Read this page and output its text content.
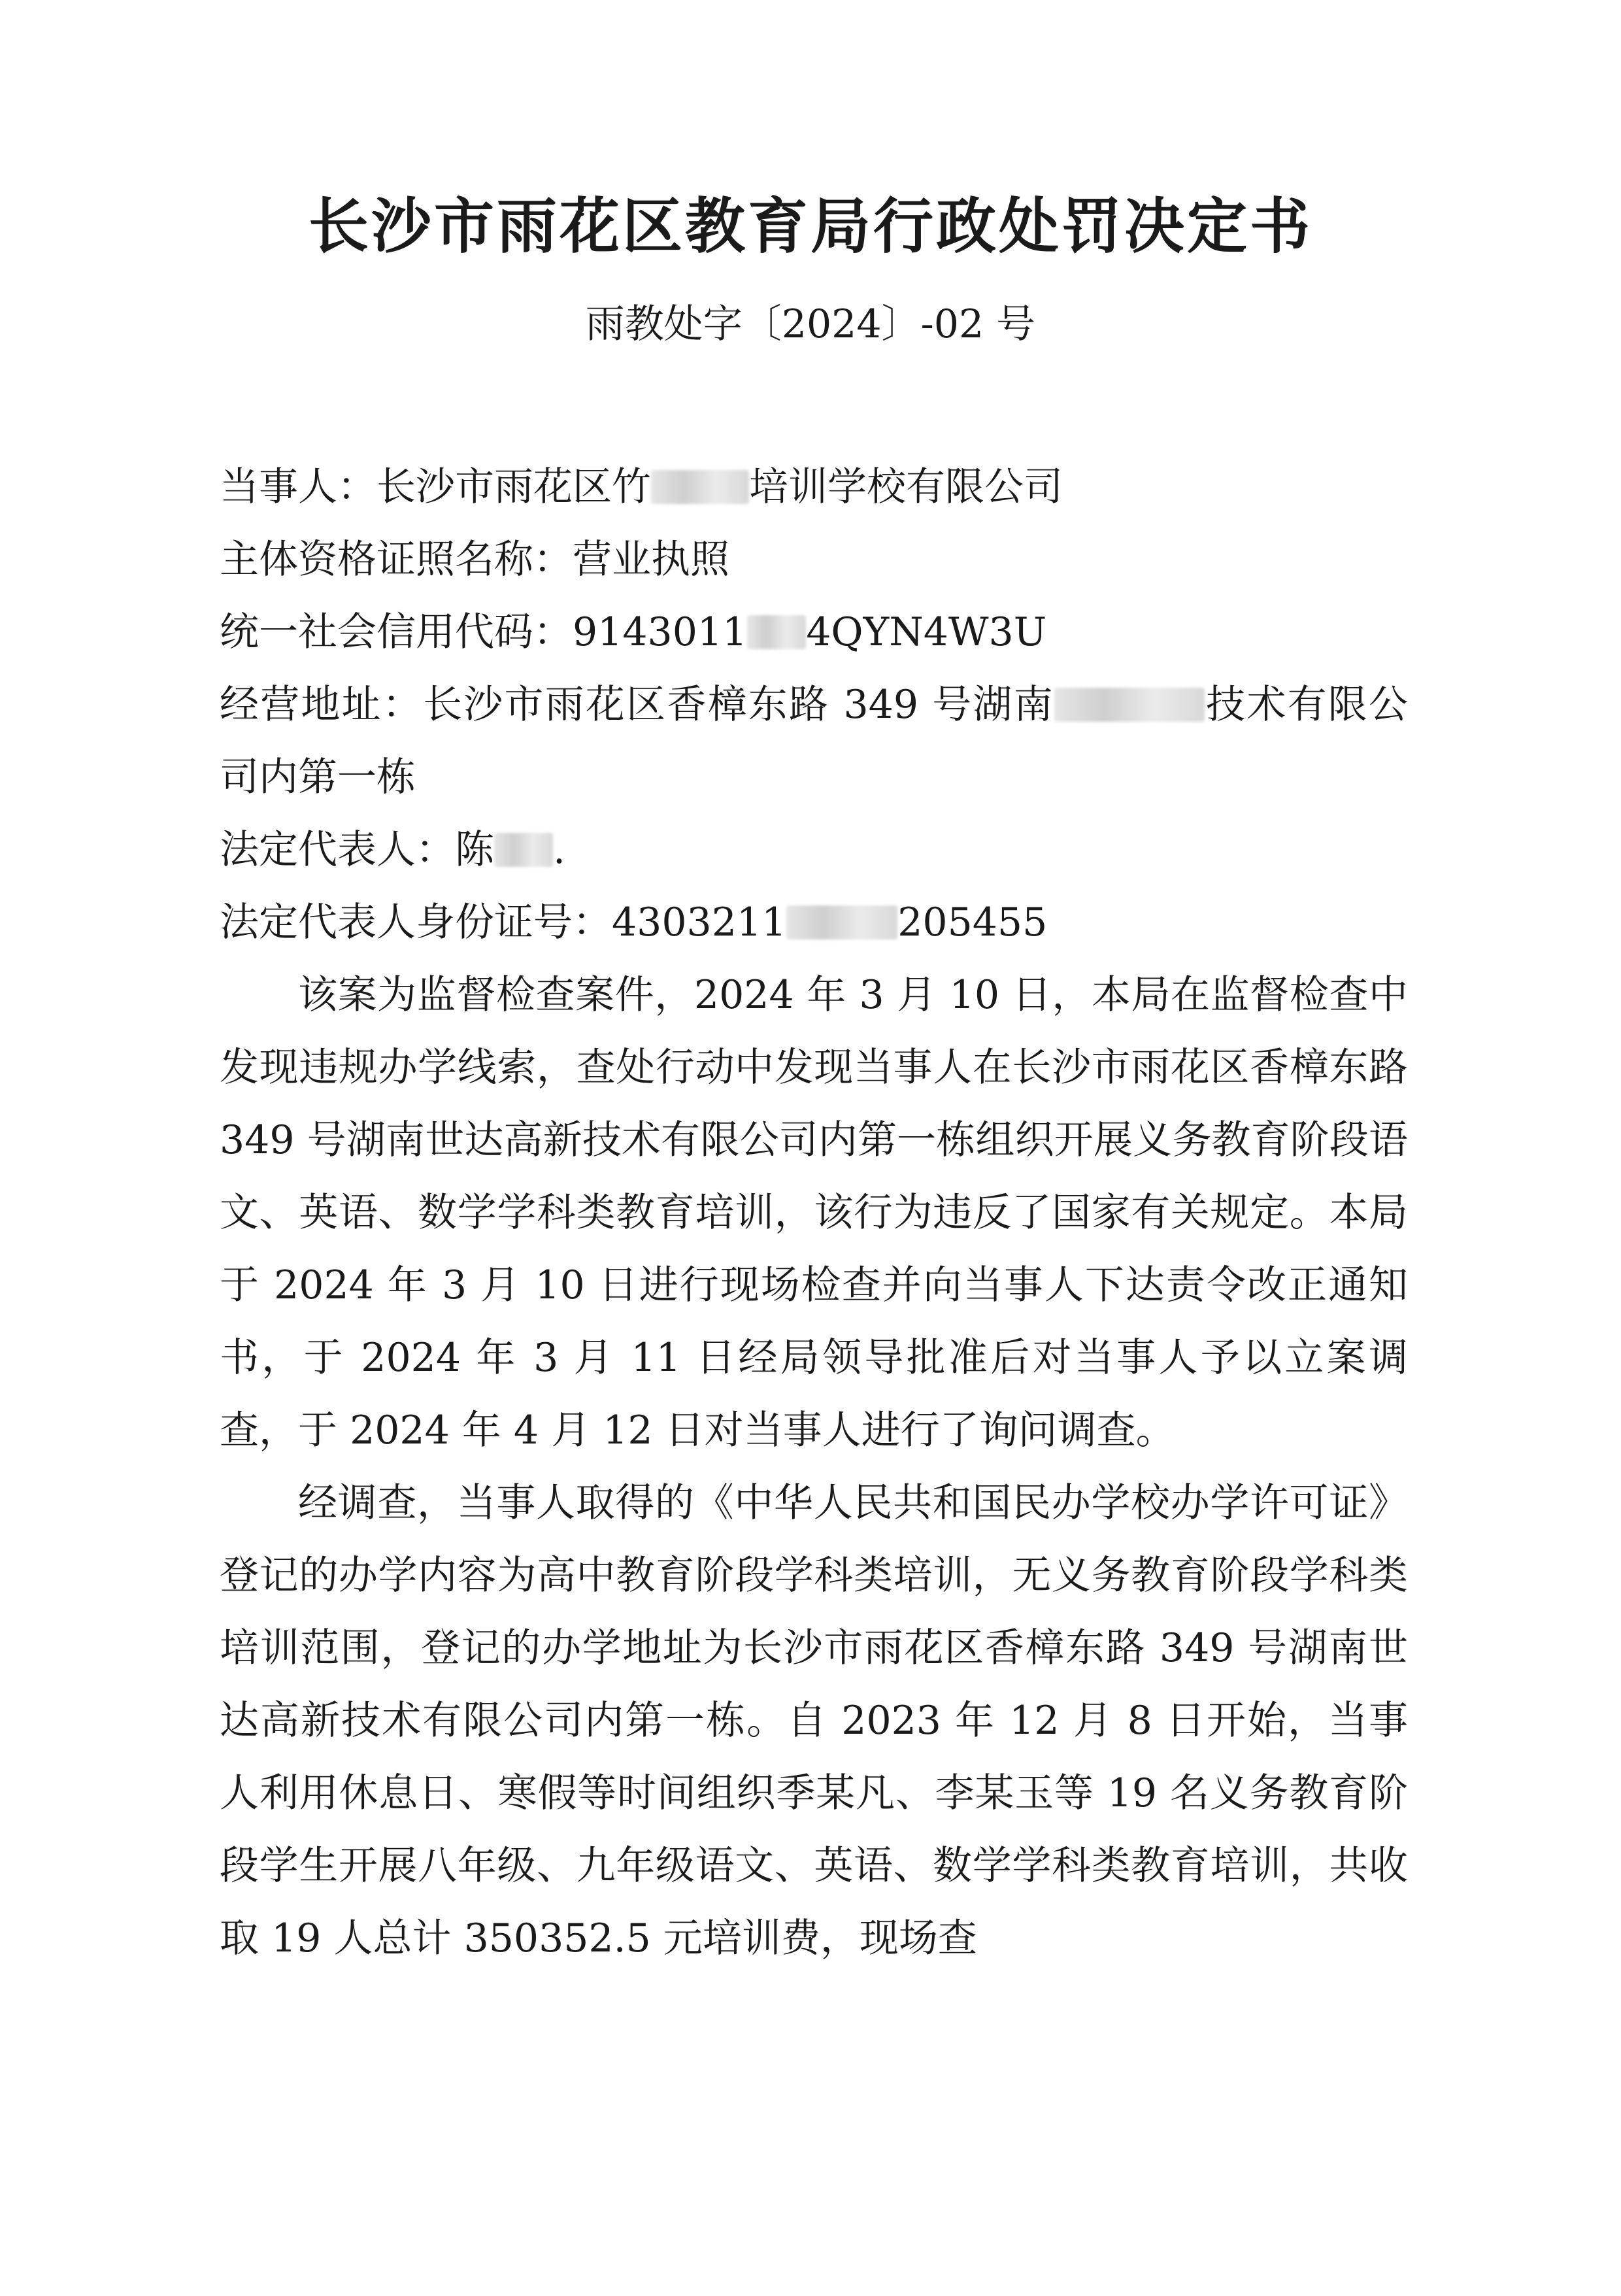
长沙市雨花区教育局行政处罚决定书
雨教处字〔2024〕-02 号

当事人：长沙市雨花区竹	培训学校有限公司

主体资格证照名称：营业执照

统一社会信用代码：9143011 4QYN4W3U

经营地址：长沙市雨花区香樟东路 349 号湖南	技术有限公司内第一栋

法定代表人：陈 .

法定代表人身份证号：4303211	205455

该案为监督检查案件，2024 年 3 月 10 日，本局在监督检查中发现违规办学线索，查处行动中发现当事人在长沙市雨花区香樟东路 349 号湖南世达高新技术有限公司内第一栋组织开展义务教育阶段语文、英语、数学学科类教育培训，该行为违反了国家有关规定。本局于 2024 年 3 月 10 日进行现场检查并向当事人下达责令改正通知书，于 2024 年 3 月 11 日经局领导批准后对当事人予以立案调查，于 2024 年 4 月 12 日对当事人进行了询问调查。

经调查，当事人取得的《中华人民共和国民办学校办学许可证》登记的办学内容为高中教育阶段学科类培训，无义务教育阶段学科类培训范围，登记的办学地址为长沙市雨花区香樟东路 349 号湖南世达高新技术有限公司内第一栋。自 2023 年 12 月 8 日开始，当事人利用休息日、寒假等时间组织季某凡、李某玉等 19 名义务教育阶段学生开展八年级、九年级语文、英语、数学学科类教育培训，共收取 19 人总计 350352.5 元培训费，现场查
